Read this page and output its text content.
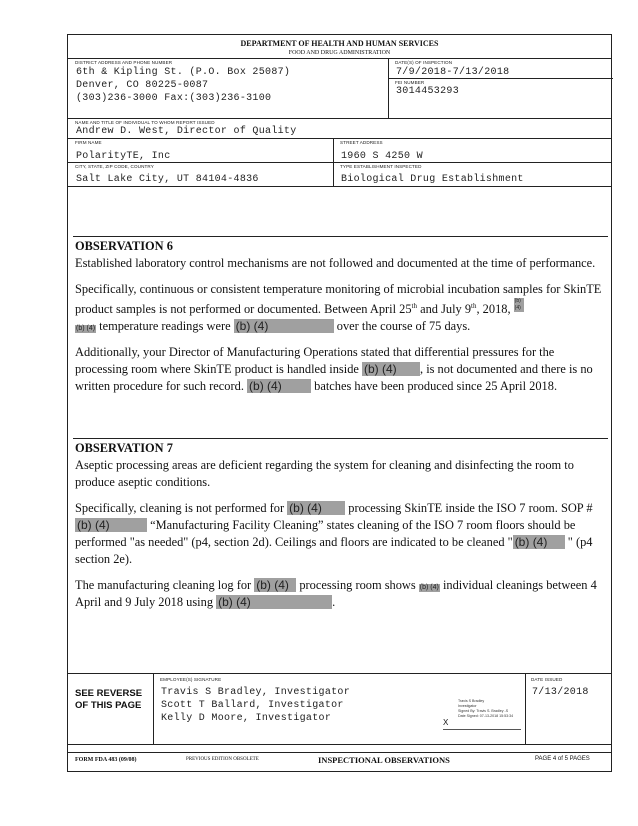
DEPARTMENT OF HEALTH AND HUMAN SERVICES
FOOD AND DRUG ADMINISTRATION
DISTRICT ADDRESS AND PHONE NUMBER
6th & Kipling St. (P.O. Box 25087)
Denver, CO 80225-0087
(303)236-3000 Fax:(303)236-3100
DATE(S) OF INSPECTION
7/9/2018-7/13/2018
FEI NUMBER
3014453293
NAME AND TITLE OF INDIVIDUAL TO WHOM REPORT ISSUED
Andrew D. West, Director of Quality
FIRM NAME
PolarityTE, Inc
STREET ADDRESS
1960 S 4250 W
CITY, STATE, ZIP CODE, COUNTRY
Salt Lake City, UT 84104-4836
TYPE ESTABLISHMENT INSPECTED
Biological Drug Establishment

OBSERVATION 6

Established laboratory control mechanisms are not followed and documented at the time of performance.

Specifically, continuous or consistent temperature monitoring of microbial incubation samples for SkinTE product samples is not performed or documented. Between April 25th and July 9th, 2018, (b) (4)
(b) (4) temperature readings were (b) (4)	over the course of 75 days.

Additionally, your Director of Manufacturing Operations stated that differential pressures for the processing room where SkinTE product is handled inside (b) (4) , is not documented and there is no written procedure for such record. (b) (4) batches have been produced since 25 April 2018.

OBSERVATION 7

Aseptic processing areas are deficient regarding the system for cleaning and disinfecting the room to produce aseptic conditions.

Specifically, cleaning is not performed for (b) (4) processing SkinTE inside the ISO 7 room. SOP #(b) (4)	“Manufacturing Facility Cleaning” states cleaning of the ISO 7 room floors should be performed "as needed" (p4, section 2d). Ceilings and floors are indicated to be cleaned " (b) (4) " (p4 section 2e).

The manufacturing cleaning log for (b) (4) processing room shows (b) (4) individual cleanings between 4 April and 9 July 2018 using (b) (4)	.

SEE REVERSE
OF THIS PAGE
EMPLOYEE(S) SIGNATURE
Travis S Bradley, Investigator
Scott T Ballard, Investigator
Kelly D Moore, Investigator	X
Travis S Bradley
Investigator
Signed By: Travis S. Bradley -S
Date Signed: 07-13-2018 15:53:34
DATE ISSUED
7/13/2018
FORM FDA 483 (09/08)	PREVIOUS EDITION OBSOLETE	INSPECTIONAL OBSERVATIONS	PAGE 4 of 5 PAGES
